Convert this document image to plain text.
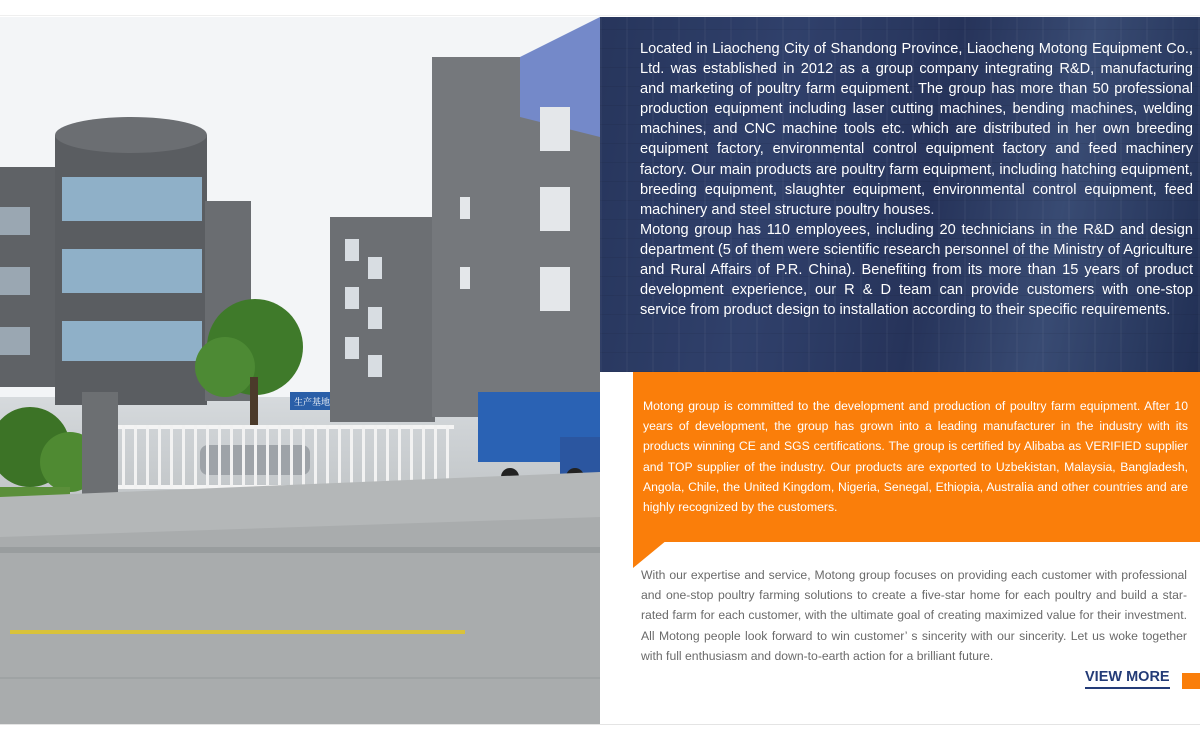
生产基地

Located in Liaocheng City of Shandong Province, Liaocheng Motong Equipment Co., Ltd. was established in 2012 as a group company integrating R&D, manufacturing and marketing of poultry farm equipment. The group has more than 50 professional production equipment including laser cutting machines, bending machines, welding machines, and CNC machine tools etc. which are distributed in her own breeding equipment factory, environmental control equipment factory and feed machinery factory. Our main products are poultry farm equipment, including hatching equipment, breeding equipment, slaughter equipment, environmental control equipment, feed machinery and steel structure poultry houses.

Motong group has 110 employees, including 20 technicians in the R&D and design department (5 of them were scientific research personnel of the Ministry of Agriculture and Rural Affairs of P.R. China). Benefiting from its more than 15 years of product development experience, our R & D team can provide customers with one-stop service from product design to installation according to their specific requirements.

Motong group is committed to the development and production of poultry farm equipment. After 10 years of development, the group has grown into a leading manufacturer in the industry with its products winning CE and SGS certifications. The group is certified by Alibaba as VERIFIED supplier and TOP supplier of the industry. Our products are exported to Uzbekistan, Malaysia, Bangladesh, Angola, Chile, the United Kingdom, Nigeria, Senegal, Ethiopia, Australia and other countries and are highly recognized by the customers.

With our expertise and service, Motong group focuses on providing each customer with professional and one-stop poultry farming solutions to create a five-star home for each poultry and build a star-rated farm for each customer, with the ultimate goal of creating maximized value for their investment. All Motong people look forward to win customer’ s sincerity with our sincerity. Let us woke together with full enthusiasm and down-to-earth action for a brilliant future.

VIEW MORE
